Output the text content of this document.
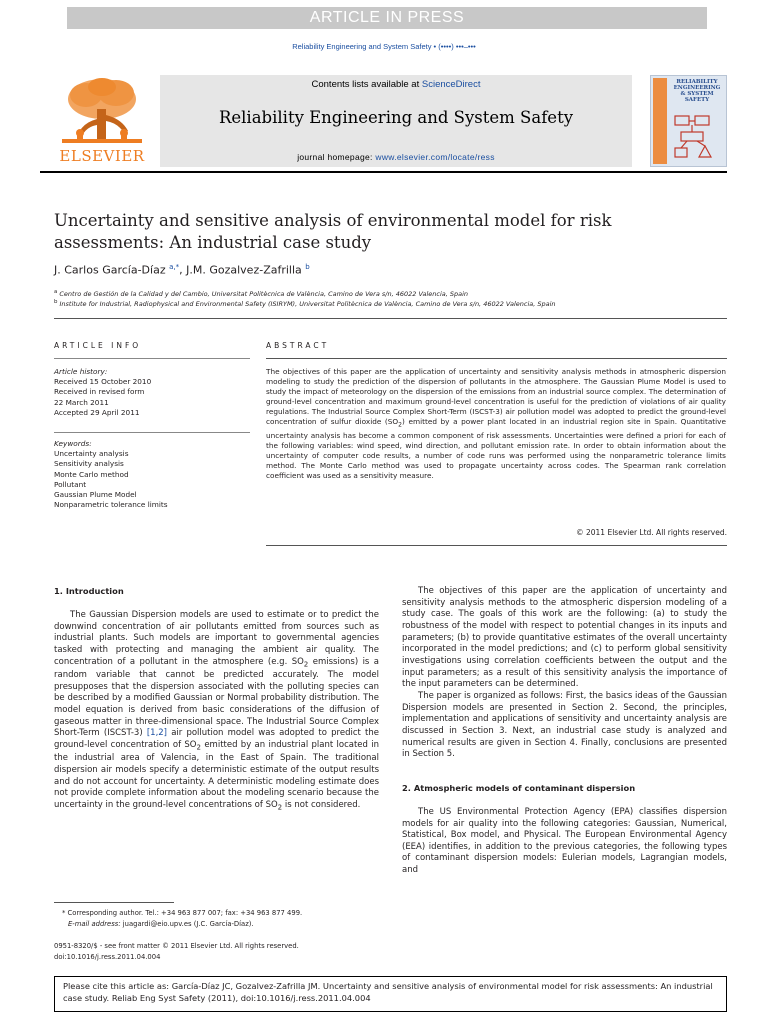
ARTICLE IN PRESS
Reliability Engineering and System Safety • (••••) •••–•••
ELSEVIER
Contents lists available at ScienceDirect
Reliability Engineering and System Safety
journal homepage: www.elsevier.com/locate/ress
RELIABILITY ENGINEERING & SYSTEM SAFETY
Uncertainty and sensitive analysis of environmental model for risk assessments: An industrial case study
J. Carlos García-Díaz $^{a,*}$, J.M. Gozalvez-Zafrilla $^b$
$^a$ Centro de Gestión de la Calidad y del Cambio, Universitat Politècnica de València, Camino de Vera s/n, 46022 Valencia, Spain
$^b$ Institute for Industrial, Radiophysical and Environmental Safety (ISIRYM), Universitat Politècnica de València, Camino de Vera s/n, 46022 Valencia, Spain
ARTICLE INFO
Article history:
Received 15 October 2010
Received in revised form
22 March 2011
Accepted 29 April 2011
Keywords:
Uncertainty analysis
Sensitivity analysis
Monte Carlo method
Pollutant
Gaussian Plume Model
Nonparametric tolerance limits
ABSTRACT
The objectives of this paper are the application of uncertainty and sensitivity analysis methods in atmospheric dispersion modeling to study the prediction of the dispersion of pollutants in the atmosphere. The Gaussian Plume Model is used to study the impact of meteorology on the dispersion of the emissions from an industrial source complex. The determination of ground-level concentration and maximum ground-level concentration is useful for the prediction of violations of air quality regulations. The Industrial Source Complex Short-Term (ISCST-3) air pollution model was adopted to predict the ground-level concentration of sulfur dioxide $(SO_2)$ emitted by a power plant located in an industrial region site in Spain. Quantitative uncertainty analysis has become a common component of risk assessments. Uncertainties were defined a priori for each of the following variables: wind speed, wind direction, and pollutant emission rate. In order to obtain information about the uncertainty of computer code results, a number of code runs was performed using the nonparametric tolerance limits method. The Monte Carlo method was used to propagate uncertainty across codes. The Spearman rank correlation coefficient was used as a sensitivity measure.
© 2011 Elsevier Ltd. All rights reserved.
1. Introduction
The Gaussian Dispersion models are used to estimate or to predict the downwind concentration of air pollutants emitted from sources such as industrial plants. Such models are important to governmental agencies tasked with protecting and managing the ambient air quality. The concentration of a pollutant in the atmosphere (e.g. $SO_2$ emissions) is a random variable that cannot be predicted accurately. The model presupposes that the dispersion associated with the polluting species can be described by a modified Gaussian or Normal probability distribution. The model equation is derived from basic considerations of the diffusion of gaseous matter in three-dimensional space. The Industrial Source Complex Short-Term (ISCST-3) [1,2] air pollution model was adopted to predict the ground-level concentration of $SO_2$ emitted by an industrial plant located in the industrial area of Valencia, in the East of Spain. The traditional dispersion air models specify a deterministic estimate of the output results and do not account for uncertainty. A deterministic modeling estimate does not provide complete information about the modeling scenario because the uncertainty in the ground-level concentrations of $SO_2$ is not considered.
The objectives of this paper are the application of uncertainty and sensitivity analysis methods to the atmospheric dispersion modeling of a study case. The goals of this work are the following: (a) to study the robustness of the model with respect to potential changes in its inputs and parameters; (b) to provide quantitative estimates of the overall uncertainty incorporated in the model predictions; and (c) to perform global sensitivity investigations using correlation coefficients between the output and the input parameters; as a result of this sensitivity analysis the importance of the input parameters can be determined.
The paper is organized as follows: First, the basics ideas of the Gaussian Dispersion models are presented in Section 2. Second, the principles, implementation and applications of sensitivity and uncertainty analysis are discussed in Section 3. Next, an industrial case study is analyzed and numerical results are given in Section 4. Finally, conclusions are presented in Section 5.
2. Atmospheric models of contaminant dispersion
The US Environmental Protection Agency (EPA) classifies dispersion models for air quality into the following categories: Gaussian, Numerical, Statistical, Box model, and Physical. The European Environmental Agency (EEA) identifies, in addition to the previous categories, the following types of contaminant dispersion models: Eulerian models, Lagrangian models, and
* Corresponding author. Tel.: +34 963 877 007; fax: +34 963 877 499.
E-mail address: juagardi@eio.upv.es (J.C. García-Díaz).
0951-8320/$ - see front matter © 2011 Elsevier Ltd. All rights reserved.
doi:10.1016/j.ress.2011.04.004
Please cite this article as: García-Díaz JC, Gozalvez-Zafrilla JM. Uncertainty and sensitive analysis of environmental model for risk assessments: An industrial case study. Reliab Eng Syst Safety (2011), doi:10.1016/j.ress.2011.04.004
